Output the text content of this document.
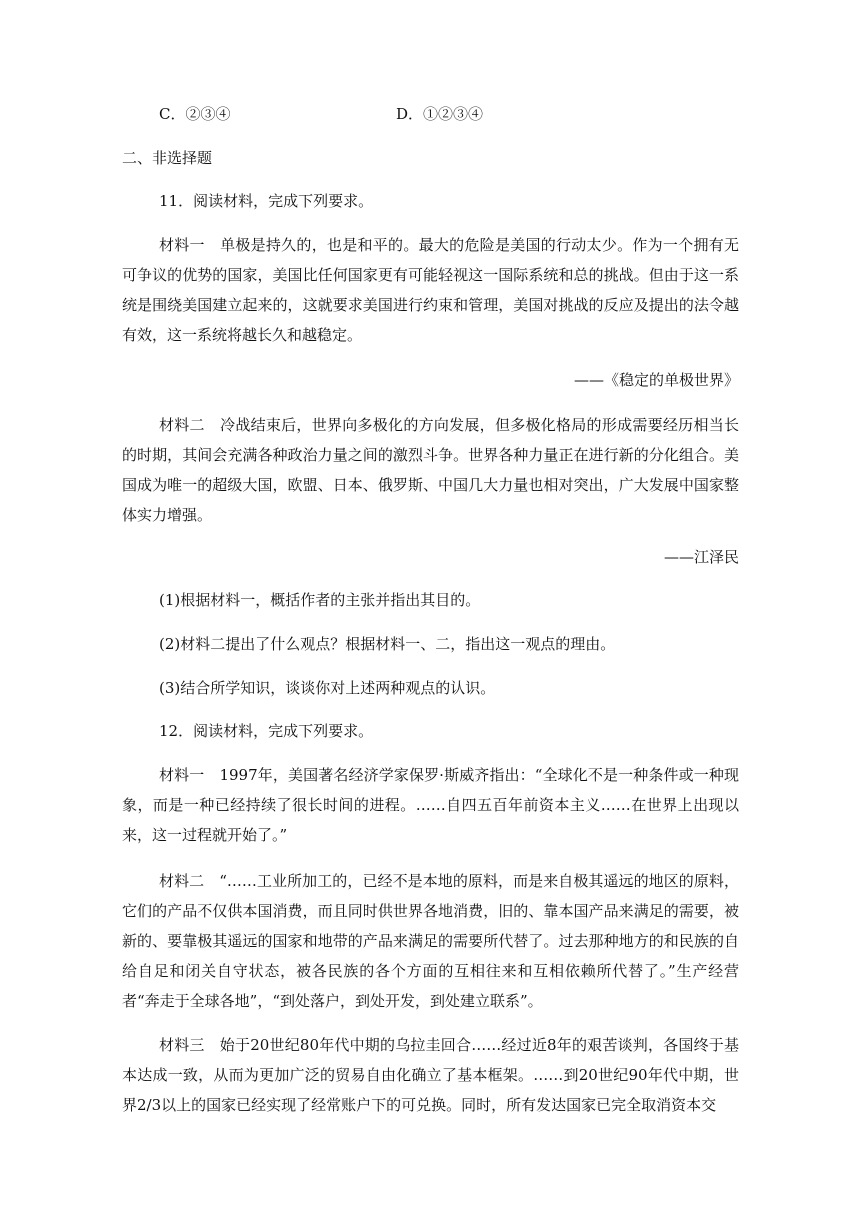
C．②③④	D．①②③④
二、非选择题
11．阅读材料，完成下列要求。
材料一　单极是持久的，也是和平的。最大的危险是美国的行动太少。作为一个拥有无可争议的优势的国家，美国比任何国家更有可能轻视这一国际系统和总的挑战。但由于这一系统是围绕美国建立起来的，这就要求美国进行约束和管理，美国对挑战的反应及提出的法令越有效，这一系统将越长久和越稳定。
——《稳定的单极世界》
材料二　冷战结束后，世界向多极化的方向发展，但多极化格局的形成需要经历相当长的时期，其间会充满各种政治力量之间的激烈斗争。世界各种力量正在进行新的分化组合。美国成为唯一的超级大国，欧盟、日本、俄罗斯、中国几大力量也相对突出，广大发展中国家整体实力增强。
——江泽民
(1)根据材料一，概括作者的主张并指出其目的。
(2)材料二提出了什么观点？根据材料一、二，指出这一观点的理由。
(3)结合所学知识，谈谈你对上述两种观点的认识。
12．阅读材料，完成下列要求。
材料一　1997年，美国著名经济学家保罗·斯威齐指出：“全球化不是一种条件或一种现象，而是一种已经持续了很长时间的进程。……自四五百年前资本主义……在世界上出现以来，这一过程就开始了。”
材料二　“……工业所加工的，已经不是本地的原料，而是来自极其遥远的地区的原料，它们的产品不仅供本国消费，而且同时供世界各地消费，旧的、靠本国产品来满足的需要，被新的、要靠极其遥远的国家和地带的产品来满足的需要所代替了。过去那种地方的和民族的自给自足和闭关自守状态，被各民族的各个方面的互相往来和互相依赖所代替了。”生产经营者“奔走于全球各地”，“到处落户，到处开发，到处建立联系”。
材料三　始于20世纪80年代中期的乌拉圭回合……经过近8年的艰苦谈判，各国终于基本达成一致，从而为更加广泛的贸易自由化确立了基本框架。……到20世纪90年代中期，世界2/3以上的国家已经实现了经常账户下的可兑换。同时，所有发达国家已完全取消资本交
